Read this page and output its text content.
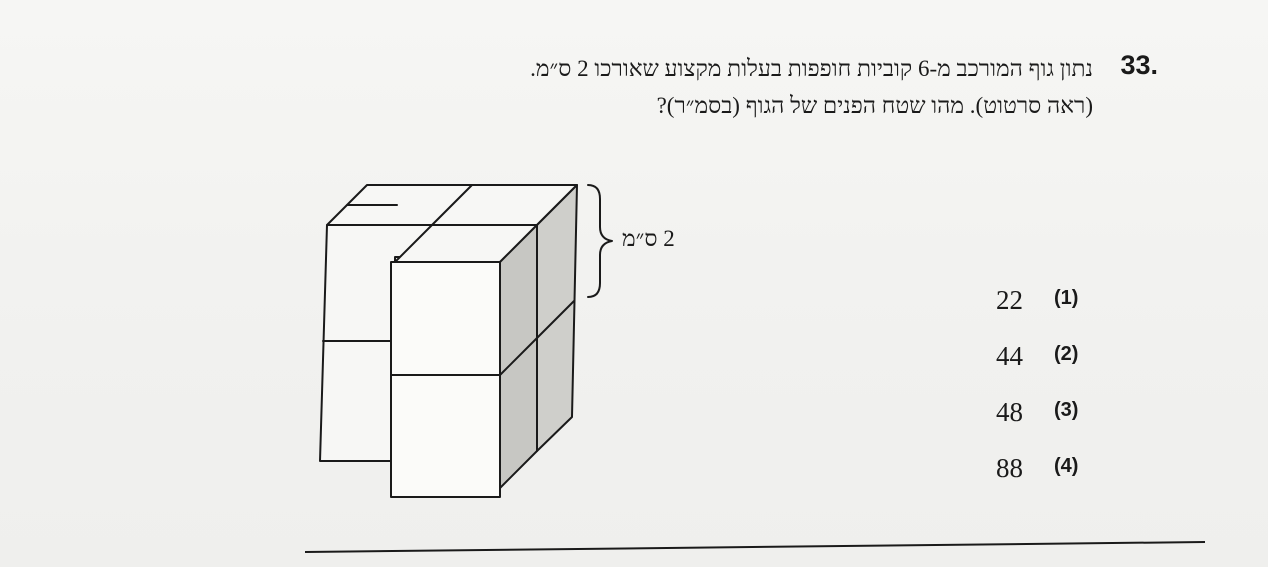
33.
נתון גוף המורכב מ-6 קוביות חופפות בעלות מקצוע שאורכו 2 ס״מ.
(ראה סרטוט). מהו שטח הפנים של הגוף (בסמ״ר)?
2 ס״מ
22 (1)
44 (2)
48 (3)
88 (4)
